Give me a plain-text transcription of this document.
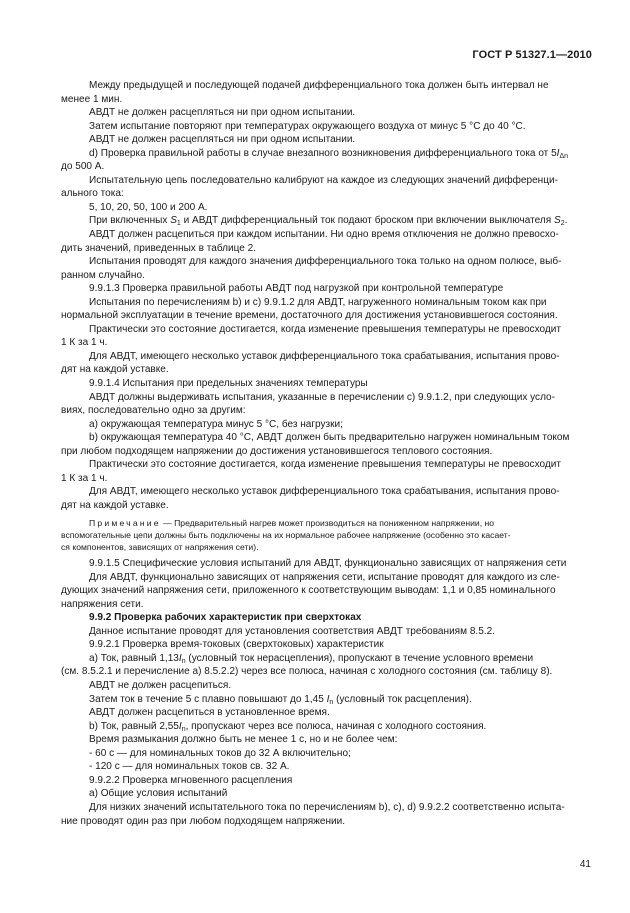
ГОСТ Р 51327.1—2010

Между предыдущей и последующей подачей дифференциального тока должен быть интервал не
менее 1 мин.

АВДТ не должен расцепляться ни при одном испытании.

Затем испытание повторяют при температурах окружающего воздуха от минус 5 °С до 40 °С.

АВДТ не должен расцепляться ни при одном испытании.

d) Проверка правильной работы в случае внезапного возникновения дифференциального тока от $5I_{\Delta n}$
до 500 А.

Испытательную цепь последовательно калибруют на каждое из следующих значений дифференци-
ального тока:

5, 10, 20, 50, 100 и 200 А.

При включенных $S_1$ и АВДТ дифференциальный ток подают броском при включении выключателя $S_2$.

АВДТ должен расцепиться при каждом испытании. Ни одно время отключения не должно превосхо-
дить значений, приведенных в таблице 2.

Испытания проводят для каждого значения дифференциального тока только на одном полюсе, выб-
ранном случайно.

9.9.1.3 Проверка правильной работы АВДТ под нагрузкой при контрольной температуре

Испытания по перечислениям b) и c) 9.9.1.2 для АВДТ, нагруженного номинальным током как при
нормальной эксплуатации в течение времени, достаточного для достижения установившегося состояния.

Практически это состояние достигается, когда изменение превышения температуры не превосходит
1 К за 1 ч.

Для АВДТ, имеющего несколько уставок дифференциального тока срабатывания, испытания прово-
дят на каждой уставке.

9.9.1.4 Испытания при предельных значениях температуры

АВДТ должны выдерживать испытания, указанные в перечислении c) 9.9.1.2, при следующих усло-
виях, последовательно одно за другим:

а) окружающая температура минус 5 °С, без нагрузки;

b) окружающая температура 40 °С, АВДТ должен быть предварительно нагружен номинальным током
при любом подходящем напряжении до достижения установившегося теплового состояния.

Практически это состояние достигается, когда изменение превышения температуры не превосходит
1 К за 1 ч.

Для АВДТ, имеющего несколько уставок дифференциального тока срабатывания, испытания прово-
дят на каждой уставке.

Примечание — Предварительный нагрев может производиться на пониженном напряжении, но
вспомогательные цепи должны быть подключены на их нормальное рабочее напряжение (особенно это касает-
ся компонентов, зависящих от напряжения сети).

9.9.1.5 Специфические условия испытаний для АВДТ, функционально зависящих от напряжения сети

Для АВДТ, функционально зависящих от напряжения сети, испытание проводят для каждого из сле-
дующих значений напряжения сети, приложенного к соответствующим выводам: 1,1 и 0,85 номинального
напряжения сети.

9.9.2 Проверка рабочих характеристик при сверхтоках

Данное испытание проводят для установления соответствия АВДТ требованиям 8.5.2.

9.9.2.1 Проверка время-токовых (сверхтоковых) характеристик

а) Ток, равный $1,13I_n$ (условный ток нерасцепления), пропускают в течение условного времени
(см. 8.5.2.1 и перечисление а) 8.5.2.2) через все полюса, начиная с холодного состояния (см. таблицу 8).

АВДТ не должен расцепиться.

Затем ток в течение 5 с плавно повышают до 1,45 $I_n$ (условный ток расцепления).

АВДТ должен расцепиться в установленное время.

b) Ток, равный $2,55I_n$, пропускают через все полюса, начиная с холодного состояния.

Время размыкания должно быть не менее 1 с, но и не более чем:

- 60 с — для номинальных токов до 32 А включительно;

- 120 с — для номинальных токов св. 32 А.

9.9.2.2 Проверка мгновенного расцепления

а) Общие условия испытаний

Для низких значений испытательного тока по перечислениям b), c), d) 9.9.2.2 соответственно испыта-
ние проводят один раз при любом подходящем напряжении.

41
